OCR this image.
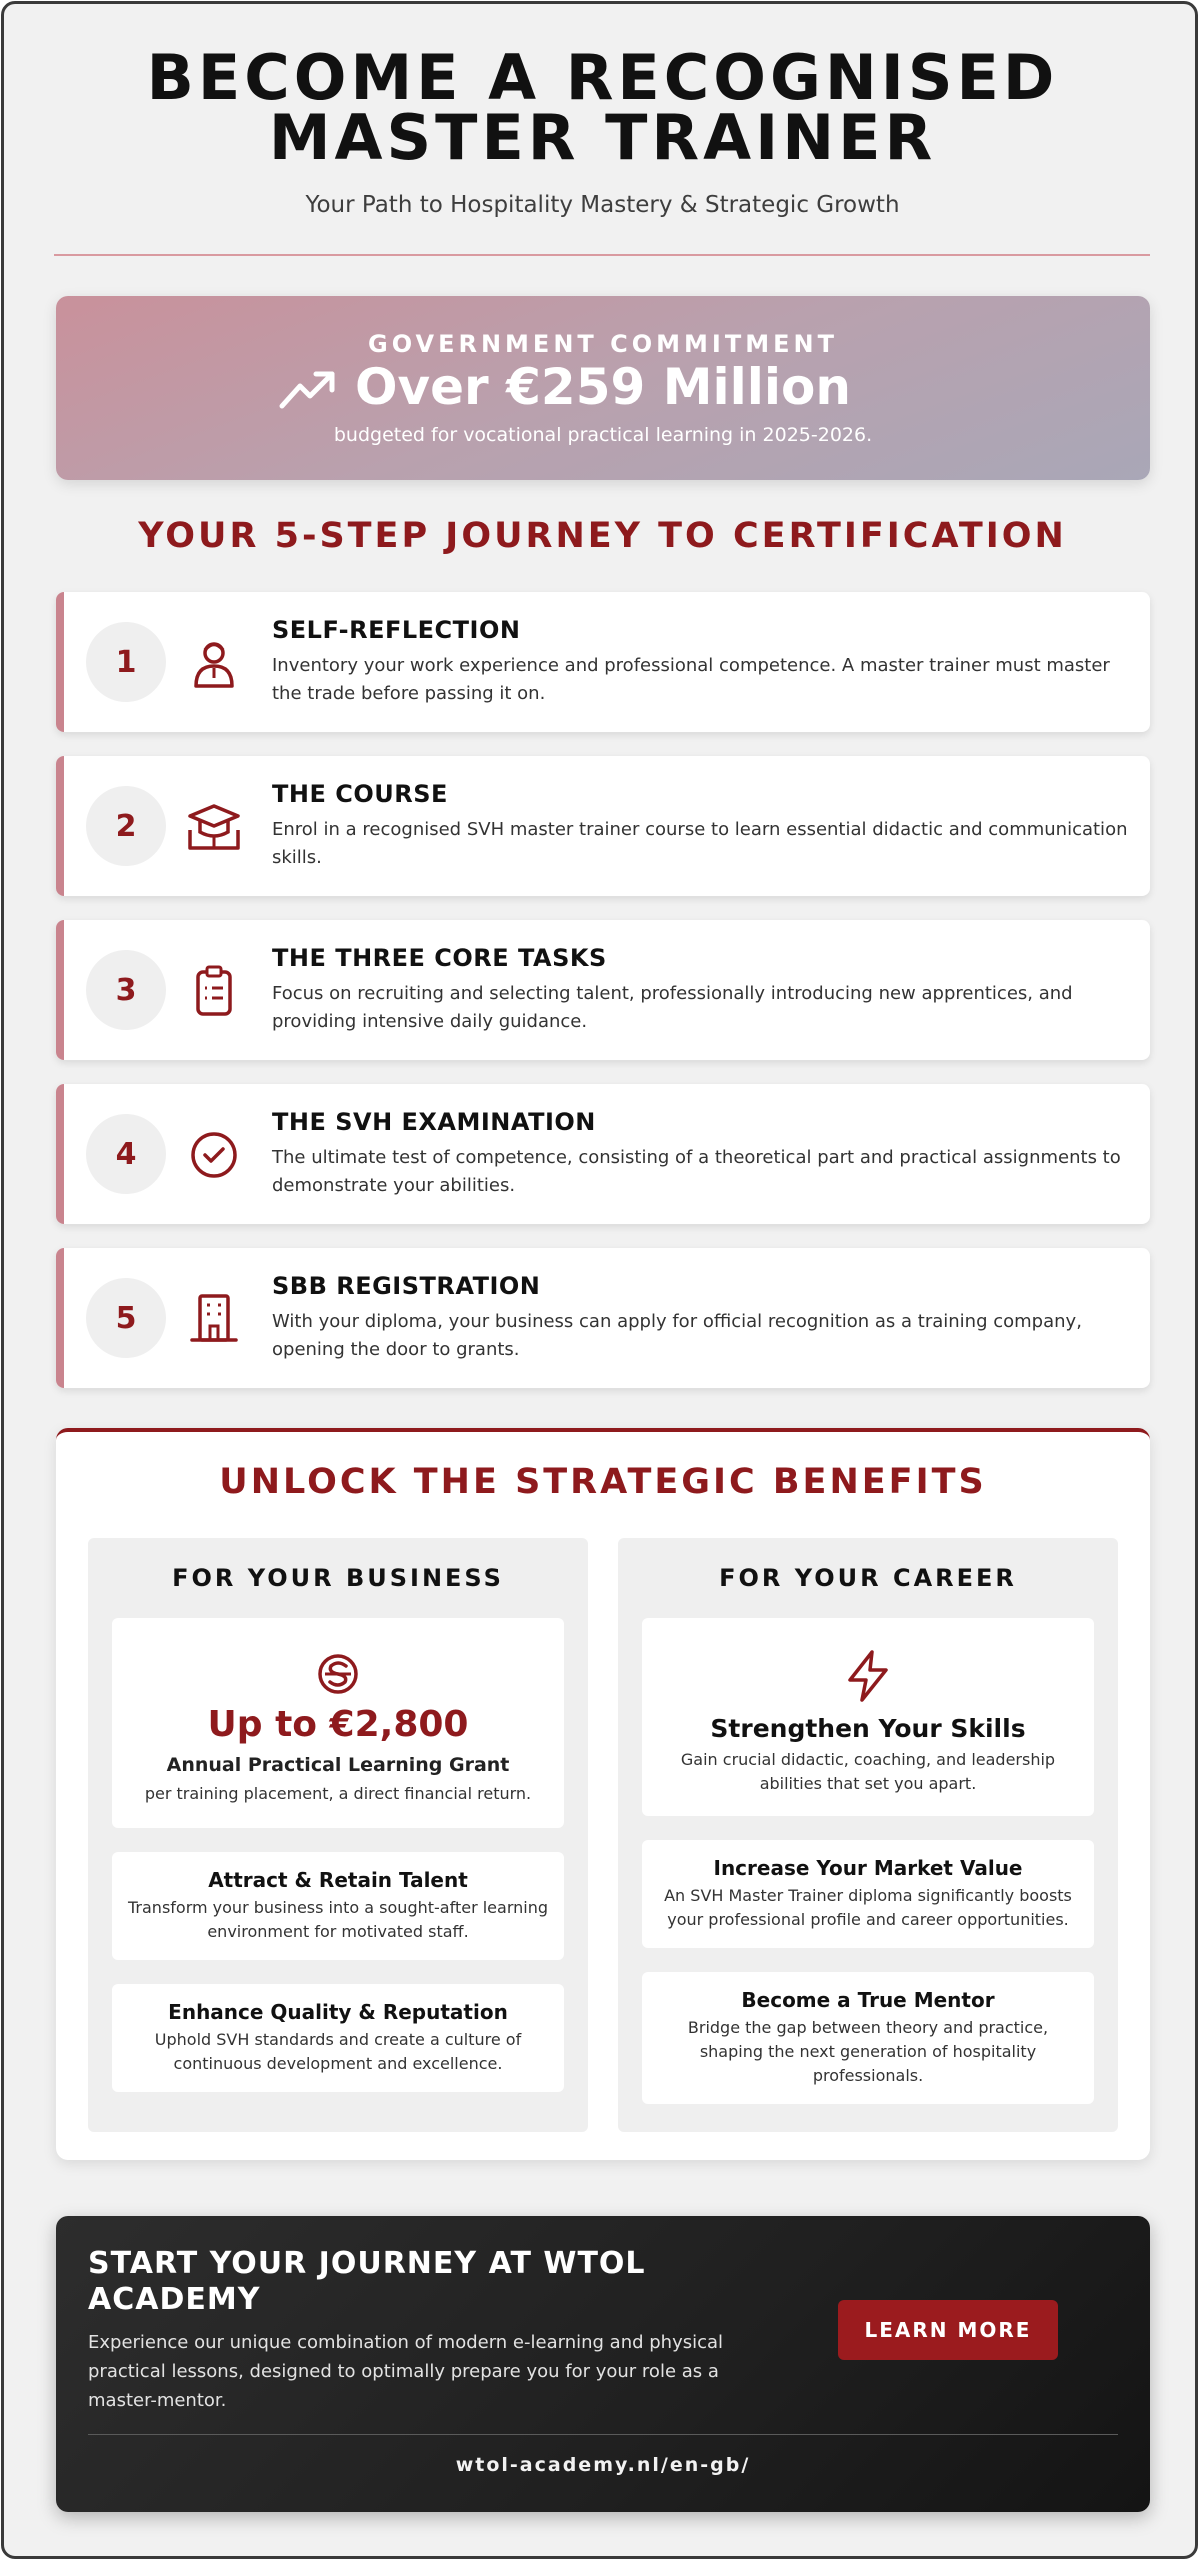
BECOME A RECOGNISED
MASTER TRAINER
Your Path to Hospitality Mastery & Strategic Growth
GOVERNMENT COMMITMENT
Over €259 Million
budgeted for vocational practical learning in 2025-2026.
YOUR 5-STEP JOURNEY TO CERTIFICATION
1
SELF-REFLECTION
Inventory your work experience and professional competence. A master trainer must master the trade before passing it on.
2
THE COURSE
Enrol in a recognised SVH master trainer course to learn essential didactic and communication skills.
3
THE THREE CORE TASKS
Focus on recruiting and selecting talent, professionally introducing new apprentices, and providing intensive daily guidance.
4
THE SVH EXAMINATION
The ultimate test of competence, consisting of a theoretical part and practical assignments to demonstrate your abilities.
5
SBB REGISTRATION
With your diploma, your business can apply for official recognition as a training company, opening the door to grants.
UNLOCK THE STRATEGIC BENEFITS
FOR YOUR BUSINESS
Up to €2,800
Annual Practical Learning Grant
per training placement, a direct financial return.
Attract & Retain Talent
Transform your business into a sought-after learning environment for motivated staff.
Enhance Quality & Reputation
Uphold SVH standards and create a culture of continuous development and excellence.
FOR YOUR CAREER
Strengthen Your Skills
Gain crucial didactic, coaching, and leadership abilities that set you apart.
Increase Your Market Value
An SVH Master Trainer diploma significantly boosts your professional profile and career opportunities.
Become a True Mentor
Bridge the gap between theory and practice, shaping the next generation of hospitality professionals.
START YOUR JOURNEY AT WTOL ACADEMY
Experience our unique combination of modern e-learning and physical practical lessons, designed to optimally prepare you for your role as a master-mentor.
LEARN MORE
wtol-academy.nl/en-gb/
